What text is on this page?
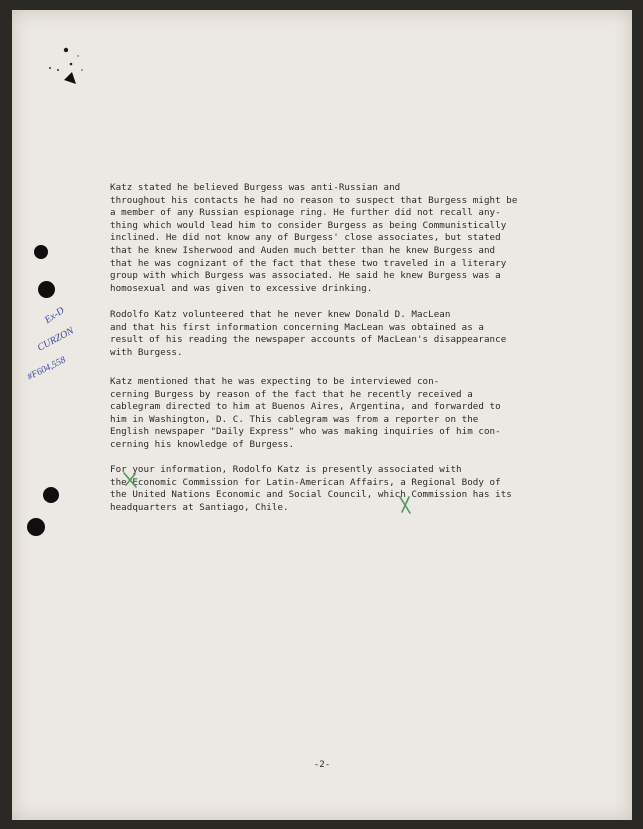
Ex-D
CURZON
#F604,558

Katz stated he believed Burgess was anti-Russian and
throughout his contacts he had no reason to suspect that Burgess might be
a member of any Russian espionage ring. He further did not recall any-
thing which would lead him to consider Burgess as being Communistically
inclined. He did not know any of Burgess' close associates, but stated
that he knew Isherwood and Auden much better than he knew Burgess and
that he was cognizant of the fact that these two traveled in a literary
group with which Burgess was associated. He said he knew Burgess was a
homosexual and was given to excessive drinking.

Rodolfo Katz volunteered that he never knew Donald D. MacLean
and that his first information concerning MacLean was obtained as a
result of his reading the newspaper accounts of MacLean's disappearance
with Burgess.

Katz mentioned that he was expecting to be interviewed con-
cerning Burgess by reason of the fact that he recently received a
cablegram directed to him at Buenos Aires, Argentina, and forwarded to
him in Washington, D. C. This cablegram was from a reporter on the
English newspaper "Daily Express" who was making inquiries of him con-
cerning his knowledge of Burgess.

For your information, Rodolfo Katz is presently associated with
the Economic Commission for Latin-American Affairs, a Regional Body of
the United Nations Economic and Social Council, which Commission has its
headquarters at Santiago, Chile.

-2-
